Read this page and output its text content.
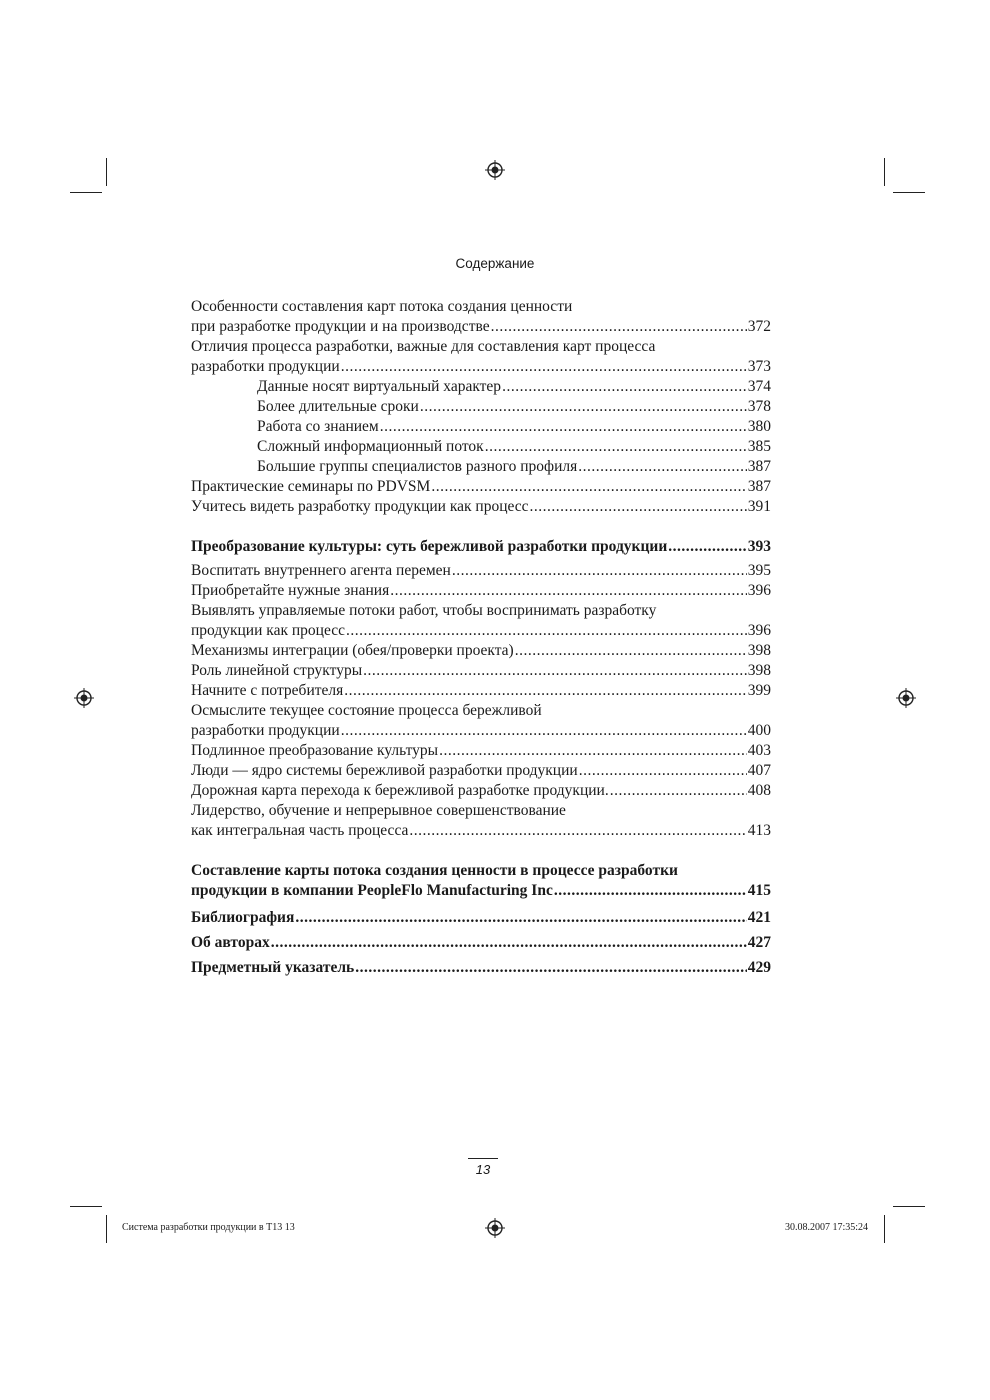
Содержание
Особенности составления карт потока создания ценности
при разработке продукции и на производстве .....	372
Отличия процесса разработки, важные для составления карт процесса
разработки продукции .....	373
Данные носят виртуальный характер .....	374
Более длительные сроки .....	378
Работа со знанием .....	380
Сложный информационный поток .....	385
Большие группы специалистов разного профиля .....	387
Практические семинары по PDVSM .....	387
Учитесь видеть разработку продукции как процесс .....	391
Преобразование культуры: суть бережливой разработки продукции .....	393
Воспитать внутреннего агента перемен .....	395
Приобретайте нужные знания .....	396
Выявлять управляемые потоки работ, чтобы воспринимать разработку
продукции как процесс .....	396
Механизмы интеграции (обея/проверки проекта) .....	398
Роль линейной структуры .....	398
Начните с потребителя .....	399
Осмыслите текущее состояние процесса бережливой
разработки продукции .....	400
Подлинное преобразование культуры .....	403
Люди — ядро системы бережливой разработки продукции .....	407
Дорожная карта перехода к бережливой разработке продукции. .....	408
Лидерство, обучение и непрерывное совершенствование
как интегральная часть процесса .....	413
Составление карты потока создания ценности в процессе разработки
продукции в компании PeopleFlo Manufacturing Inc .....	415
Библиография .....	421
Об авторах .....	427
Предметный указатель .....	429
13
Система разработки продукции в Т13 13	30.08.2007 17:35:24
